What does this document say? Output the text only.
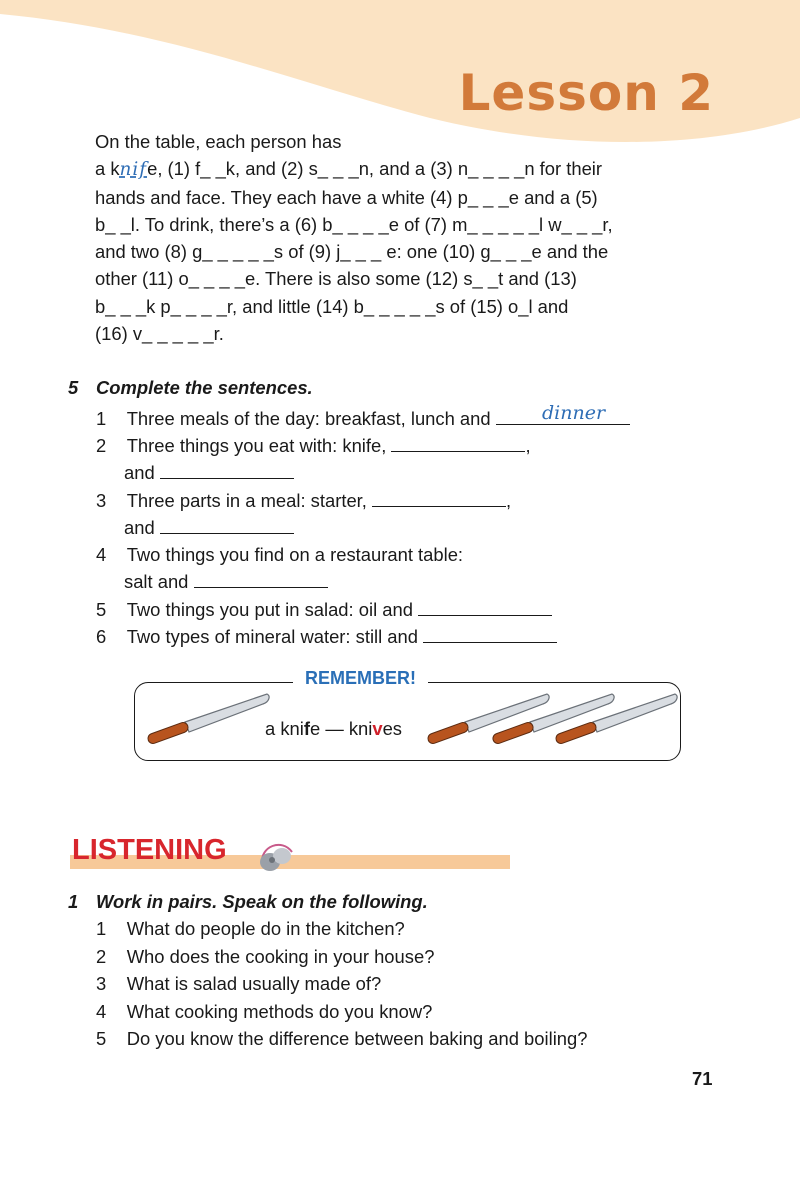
Lesson 2
On the table, each person has
a knife, (1) f_ _k, and (2) s_ _ _n, and a (3) n_ _ _ _n for their
hands and face. They each have a white (4) p_ _ _e and a (5)
b_ _l. To drink, there’s a (6) b_ _ _ _e of (7) m_ _ _ _ _l w_ _ _r,
and two (8) g_ _ _ _ _s of (9) j_ _ _ e: one (10) g_ _ _e and the
other (11) o_ _ _ _e. There is also some (12) s_ _t and (13)
b_ _ _k p_ _ _ _r, and little (14) b_ _ _ _ _s of (15) o_l and
(16) v_ _ _ _ _r.
5 Complete the sentences.
1 Three meals of the day: breakfast, lunch and	dinner
2 Three things you eat with: knife,	,
and
3 Three parts in a meal: starter,	,
and
4 Two things you find on a restaurant table:
salt and
5 Two things you put in salad: oil and
6 Two types of mineral water: still and
REMEMBER!
a knife — knives
LISTENING
1 Work in pairs. Speak on the following.
1 What do people do in the kitchen?
2 Who does the cooking in your house?
3 What is salad usually made of?
4 What cooking methods do you know?
5 Do you know the difference between baking and boiling?
71
